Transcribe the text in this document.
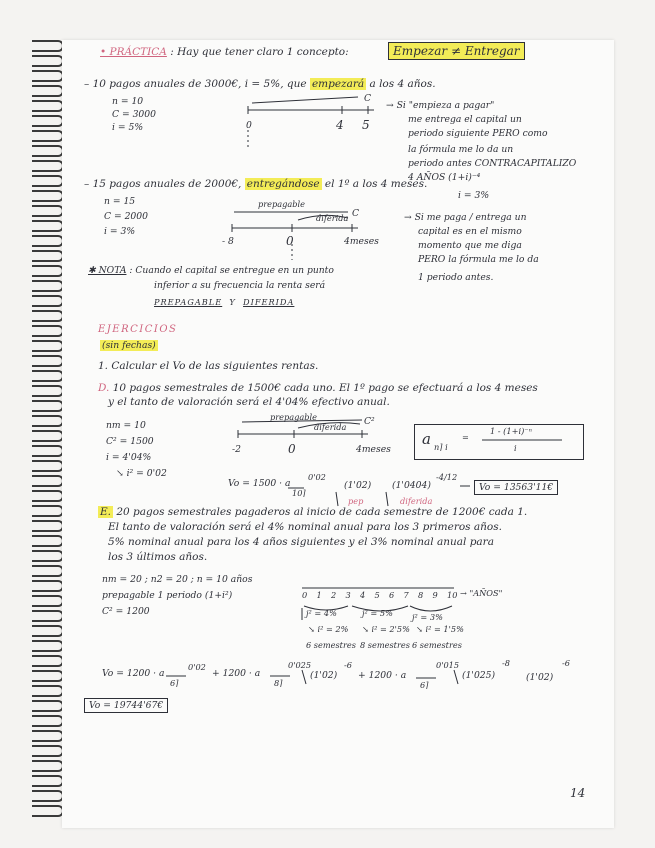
• PRÁCTICA : Hay que tener claro 1 concepto:	Empezar ≠ Entregar
– 10 pagos anuales de 3000€, i = 5%, que empezará a los 4 años.
n = 10
C = 3000
i = 5%
C
0	4 5
→ Si "empieza a pagar"
me entrega el capital un
periodo siguiente PERO como
la fórmula me lo da un
periodo antes CONTRACAPITALIZO
4 AÑOS (1+i)⁻⁴
– 15 pagos anuales de 2000€, entregándose el 1º a los 4 meses.
i = 3%
n = 15
C = 2000
i = 3%
prepagable
diferida C
- 8	0	4meses
→ Si me paga / entrega un
capital es en el mismo
momento que me diga
PERO la fórmula me lo da
1 periodo antes.
✱ NOTA : Cuando el capital se entregue en un punto
inferior a su frecuencia la renta será
PREPAGABLE Y DIFERIDA
EJERCICIOS
(sin fechas)
1. Calcular el Vo de las siguientes rentas.
D. 10 pagos semestrales de 1500€ cada uno. El 1º pago se efectuará a los 4 meses
y el tanto de valoración será el 4'04% efectivo anual.
nm = 10
C² = 1500
i = 4'04%
↘ i² = 0'02
prepagable
diferida C²
-2	0	4meses
a n⌉ i
=
1 - (1+i)⁻ⁿ
i
Vo = 1500 · a
10⌉
0'02
(1'02) (1'0404)
-4/12
pep	diferida
Vo = 13563'11€
E. 20 pagos semestrales pagaderos al inicio de cada semestre de 1200€ cada 1.
El tanto de valoración será el 4% nominal anual para los 3 primeros años.
5% nominal anual para los 4 años siguientes y el 3% nominal anual para
los 3 últimos años.
nm = 20 ; n2 = 20 ; n = 10 años
prepagable 1 periodo (1+i²)
C² = 1200
0 1 2 3 4 5 6 7 8 9 10 → "AÑOS"
j² = 4%	j² = 5% j² = 3%
↘ i² = 2% ↘ i² = 2'5% ↘ i² = 1'5%
6 semestres 8 semestres 6 semestres
Vo = 1200 · a
6⌉
0'02
+ 1200 · a
8⌉
0'025
(1'02)
-6
+ 1200 · a
6⌉
0'015
(1'025)
-8
(1'02)
-6
Vo = 19744'67€
14
